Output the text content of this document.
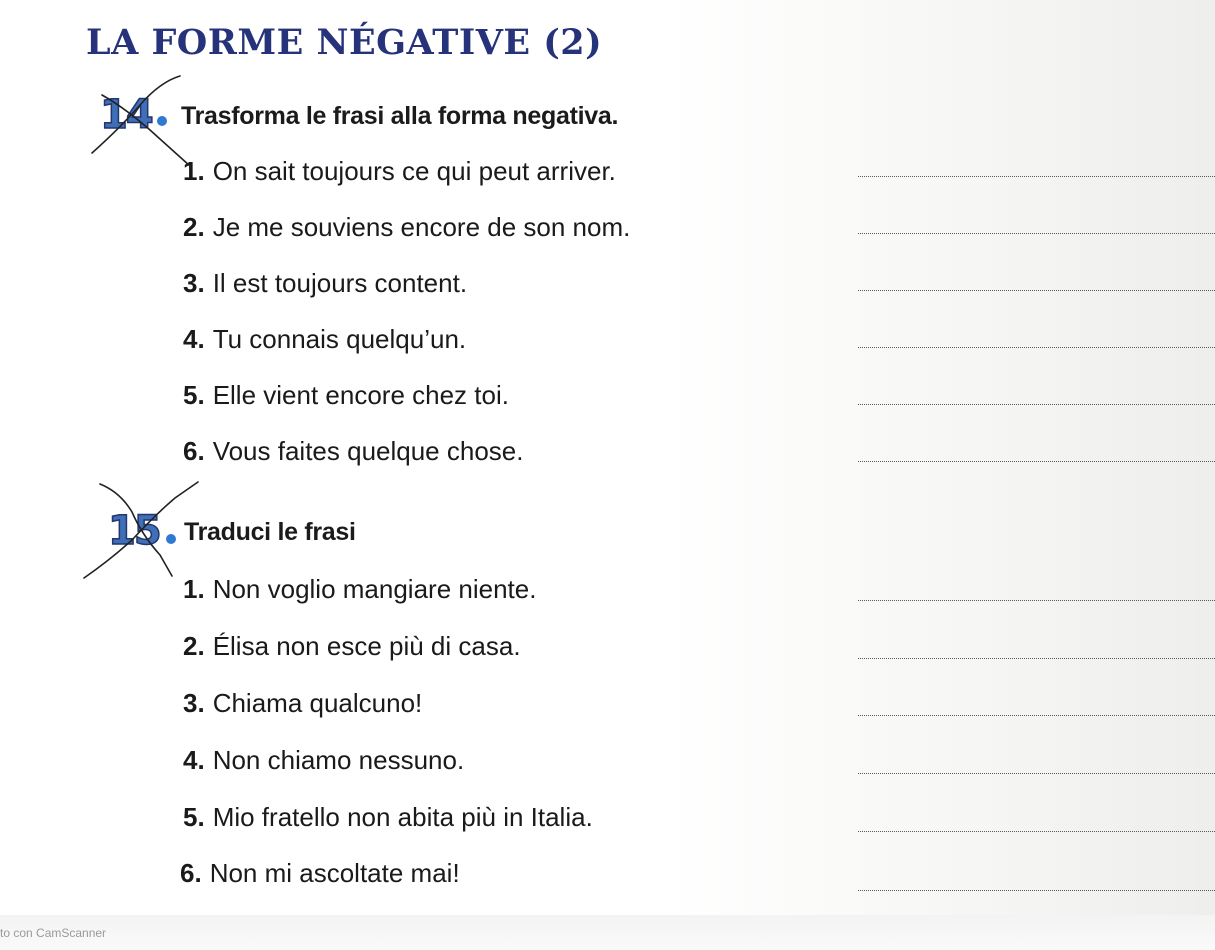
LA FORME NÉGATIVE (2)
14 Trasforma le frasi alla forma negativa.
1. On sait toujours ce qui peut arriver.
2. Je me souviens encore de son nom.
3. Il est toujours content.
4. Tu connais quelqu’un.
5. Elle vient encore chez toi.
6. Vous faites quelque chose.
15 Traduci le frasi
1. Non voglio mangiare niente.
2. Élisa non esce più di casa.
3. Chiama qualcuno!
4. Non chiamo nessuno.
5. Mio fratello non abita più in Italia.
6. Non mi ascoltate mai!
to con CamScanner
